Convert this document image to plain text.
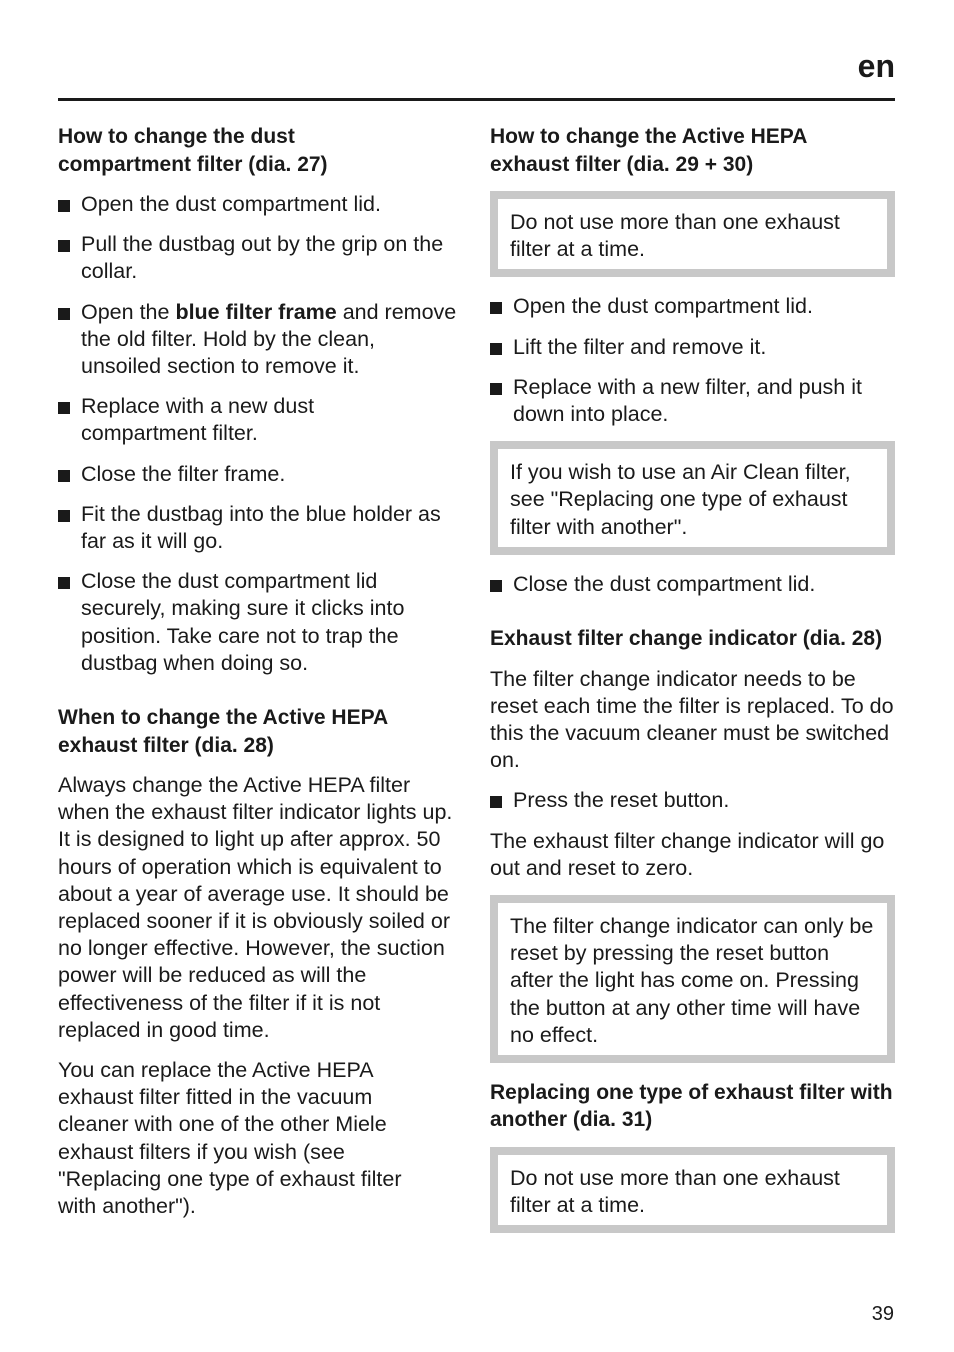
en
How to change the dust compartment filter (dia. 27)
Open the dust compartment lid.
Pull the dustbag out by the grip on the collar.
Open the blue filter frame and remove the old filter. Hold by the clean, unsoiled section to remove it.
Replace with a new dust compartment filter.
Close the filter frame.
Fit the dustbag into the blue holder as far as it will go.
Close the dust compartment lid securely, making sure it clicks into position. Take care not to trap the dustbag when doing so.
When to change the Active HEPA exhaust filter (dia. 28)
Always change the Active HEPA filter when the exhaust filter indicator lights up. It is designed to light up after approx. 50 hours of operation which is equivalent to about a year of average use. It should be replaced sooner if it is obviously soiled or no longer effective. However, the suction power will be reduced as will the effectiveness of the filter if it is not replaced in good time.
You can replace the Active HEPA exhaust filter fitted in the vacuum cleaner with one of the other Miele exhaust filters if you wish (see "Replacing one type of exhaust filter with another").
How to change the Active HEPA exhaust filter (dia. 29 + 30)
Do not use more than one exhaust filter at a time.
Open the dust compartment lid.
Lift the filter and remove it.
Replace with a new filter, and push it down into place.
If you wish to use an Air Clean filter, see "Replacing one type of exhaust filter with another".
Close the dust compartment lid.
Exhaust filter change indicator (dia. 28)
The filter change indicator needs to be reset each time the filter is replaced. To do this the vacuum cleaner must be switched on.
Press the reset button.
The exhaust filter change indicator will go out and reset to zero.
The filter change indicator can only be reset by pressing the reset button after the light has come on. Pressing the button at any other time will have no effect.
Replacing one type of exhaust filter with another (dia. 31)
Do not use more than one exhaust filter at a time.
39
